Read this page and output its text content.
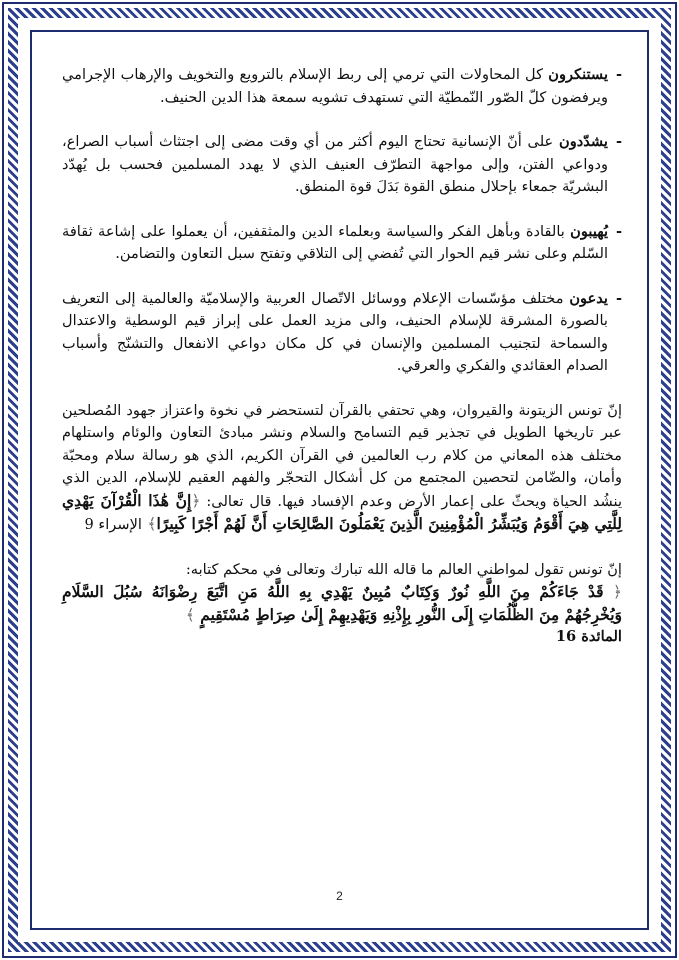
-
يستنكرون كل المحاولات التي ترمي إلى ربط الإسلام بالترويع والتخويف والإرهاب الإجرامي ويرفضون كلّ الصّور النّمطيّة التي تستهدف تشويه سمعة هذا الدين الحنيف.
-
يشدّدون على أنّ الإنسانية تحتاج اليوم أكثر من أي وقت مضى إلى اجتثاث أسباب الصراع، ودواعي الفتن، وإلى مواجهة التطرّف العنيف الذي لا يهدد المسلمين فحسب بل يُهدّد البشريّة جمعاء بإحلال منطق القوة بَدَلَ قوة المنطق.
-
يُهيبون بالقادة وبأهل الفكر والسياسة وبعلماء الدين والمثقفين، أن يعملوا على إشاعة ثقافة السّلم وعلى نشر قيم الحوار التي تُفضي إلى التلاقي وتفتح سبل التعاون والتضامن.
-
يدعون مختلف مؤسّسات الإعلام ووسائل الاتّصال العربية والإسلاميّة والعالمية إلى التعريف بالصورة المشرقة للإسلام الحنيف، والى مزيد العمل على إبراز قيم الوسطية والاعتدال والسماحة لتجنيب المسلمين والإنسان في كل مكان دواعي الانفعال والتشنّج وأسباب الصدام العقائدي والفكري والعرقي.
إنّ تونس الزيتونة والقيروان، وهي تحتفي بالقرآن لتستحضر في نخوة واعتزاز جهود المُصلحين عبر تاريخها الطويل في تجذير قيم التسامح والسلام ونشر مبادئ التعاون والوئام واستلهام مختلف هذه المعاني من كلام رب العالمين في القرآن الكريم، الذي هو رسالة سلام ومحبّة وأمان، والضّامن لتحصين المجتمع من كل أشكال التحجّر والفهم العقيم للإسلام، الدين الذي ينشُد الحياة ويحثّ على إعمار الأرض وعدم الإفساد فيها. قال تعالى: ﴿إِنَّ هَٰذَا الْقُرْآنَ يَهْدِي لِلَّتِي هِيَ أَقْوَمُ وَيُبَشِّرُ الْمُؤْمِنِينَ الَّذِينَ يَعْمَلُونَ الصَّالِحَاتِ أَنَّ لَهُمْ أَجْرًا كَبِيرًا﴾ الإسراء 9
إنّ تونس تقول لمواطني العالم ما قاله الله تبارك وتعالى في محكم كتابه:
﴿ قَدْ جَاءَكُمْ مِنَ اللَّهِ نُورٌ وَكِتَابٌ مُبِينٌ يَهْدِي بِهِ اللَّهُ مَنِ اتَّبَعَ رِضْوَانَهُ سُبُلَ السَّلَامِ وَيُخْرِجُهُمْ مِنَ الظُّلُمَاتِ إِلَى النُّورِ بِإِذْنِهِ وَيَهْدِيهِمْ إِلَىٰ صِرَاطٍ مُسْتَقِيمٍ ﴾
المائدة 16
2
